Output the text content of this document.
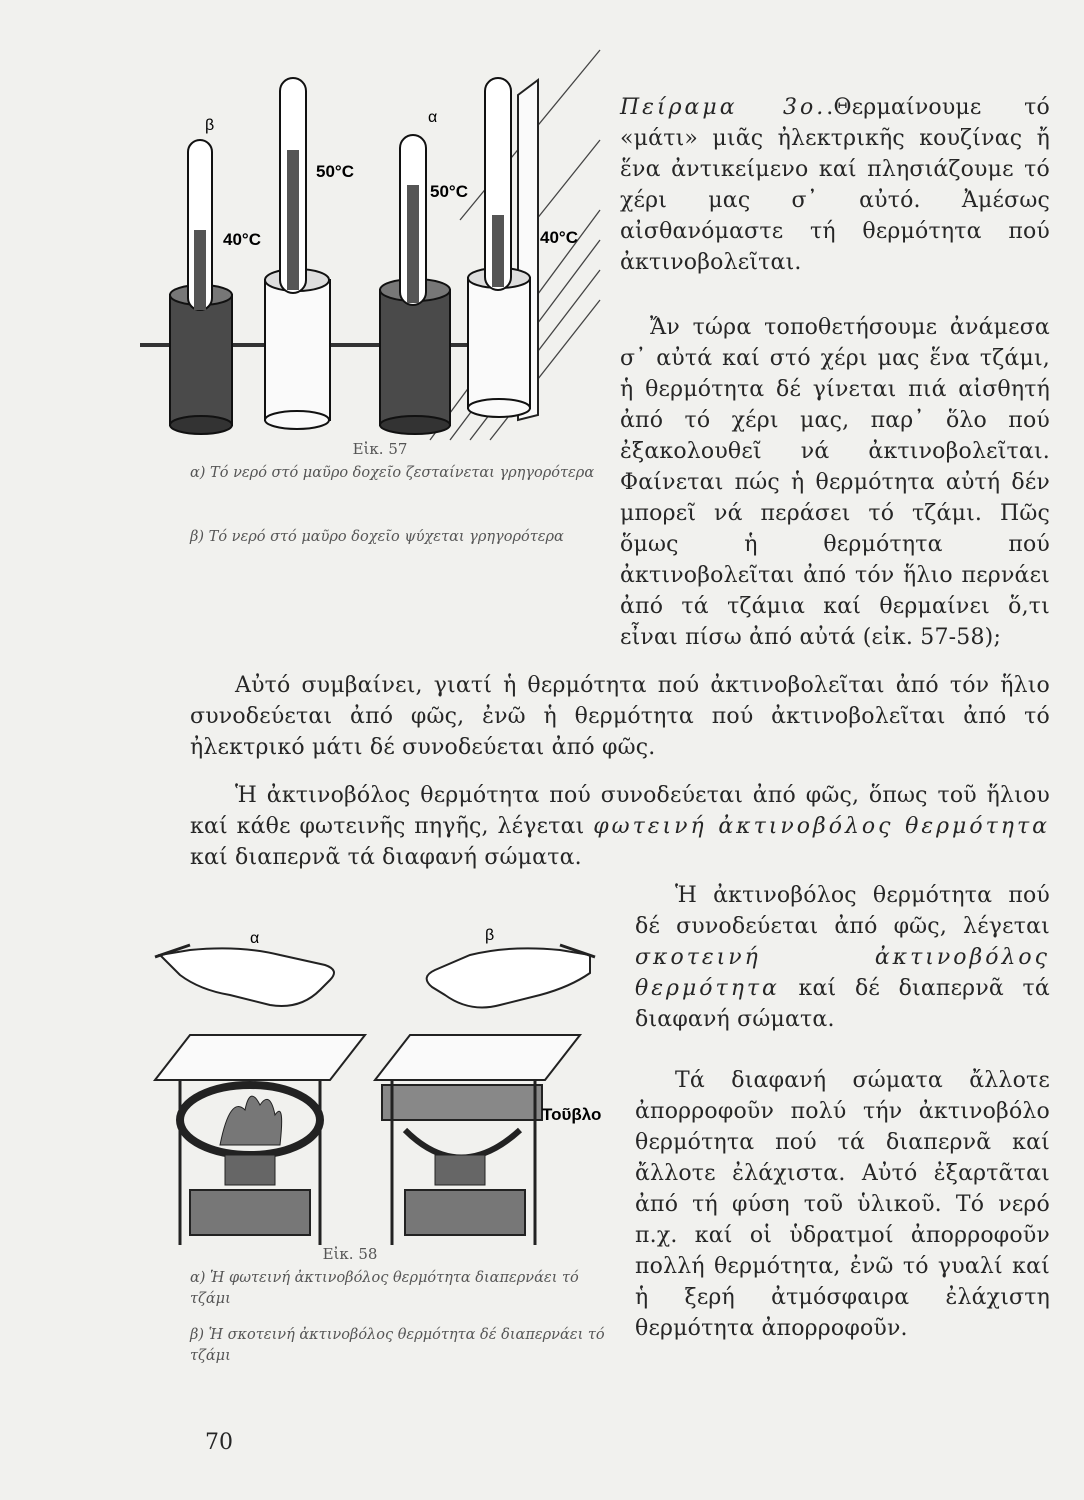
β	α
40°C
50°C
50°C
40°C
Εἰκ. 57
α) Τό νερό στό μαῦρο δοχεῖο ζεσταίνεται γρηγορότερα
β) Τό νερό στό μαῦρο δοχεῖο ψύχεται γρηγορότερα
Πείραμα 3ο..Θερμαίνουμε τό «μάτι» μιᾶς ἠλεκτρικῆς κουζίνας ἤ ἕνα ἀντικείμενο καί πλησιάζουμε τό χέρι μας σ᾽ αὐτό. Ἀμέσως αἰσθανόμαστε τή θερμότητα πού ἀκτινοβολεῖται.
Ἄν τώρα τοποθετήσουμε ἀνάμεσα σ᾽ αὐτά καί στό χέρι μας ἕνα τζάμι, ἡ θερμότητα δέ γίνεται πιά αἰσθητή ἀπό τό χέρι μας, παρ᾽ ὅλο πού ἐξακολουθεῖ νά ἀκτινοβολεῖται. Φαίνεται πώς ἡ θερμότητα αὐτή δέν μπορεῖ νά περάσει τό τζάμι. Πῶς ὅμως ἡ θερμότητα πού ἀκτινοβολεῖται ἀπό τόν ἥλιο περνάει ἀπό τά τζάμια καί θερμαίνει ὅ,τι εἶναι πίσω ἀπό αὐτά (εἰκ. 57-58);
Αὐτό συμβαίνει, γιατί ἡ θερμότητα πού ἀκτινοβολεῖται ἀπό τόν ἥλιο συνοδεύεται ἀπό φῶς, ἐνῶ ἡ θερμότητα πού ἀκτινοβολεῖται ἀπό τό ἠλεκτρικό μάτι δέ συνοδεύεται ἀπό φῶς.
Ἡ ἀκτινοβόλος θερμότητα πού συνοδεύεται ἀπό φῶς, ὅπως τοῦ ἥλιου καί κάθε φωτεινῆς πηγῆς, λέγεται φωτεινή ἀκτινοβόλος θερμότητα καί διαπερνᾶ τά διαφανή σώματα.
α	β
Τοῦβλο
Εἰκ. 58
α) Ἡ φωτεινή ἀκτινοβόλος θερμότητα διαπερνάει τό τζάμι
β) Ἡ σκοτεινή ἀκτινοβόλος θερμότητα δέ διαπερνάει τό τζάμι
Ἡ ἀκτινοβόλος θερμότητα πού δέ συνοδεύεται ἀπό φῶς, λέγεται σκοτεινή ἀκτινοβόλος θερμότητα καί δέ διαπερνᾶ τά διαφανή σώματα.
Τά διαφανή σώματα ἄλλοτε ἀπορροφοῦν πολύ τήν ἀκτινοβόλο θερμότητα πού τά διαπερνᾶ καί ἄλλοτε ἐλάχιστα. Αὐτό ἐξαρτᾶται ἀπό τή φύση τοῦ ὑλικοῦ. Τό νερό π.χ. καί οἱ ὑδρατμοί ἀπορροφοῦν πολλή θερμότητα, ἐνῶ τό γυαλί καί ἡ ξερή ἀτμόσφαιρα ἐλάχιστη θερμότητα ἀπορροφοῦν.
70
